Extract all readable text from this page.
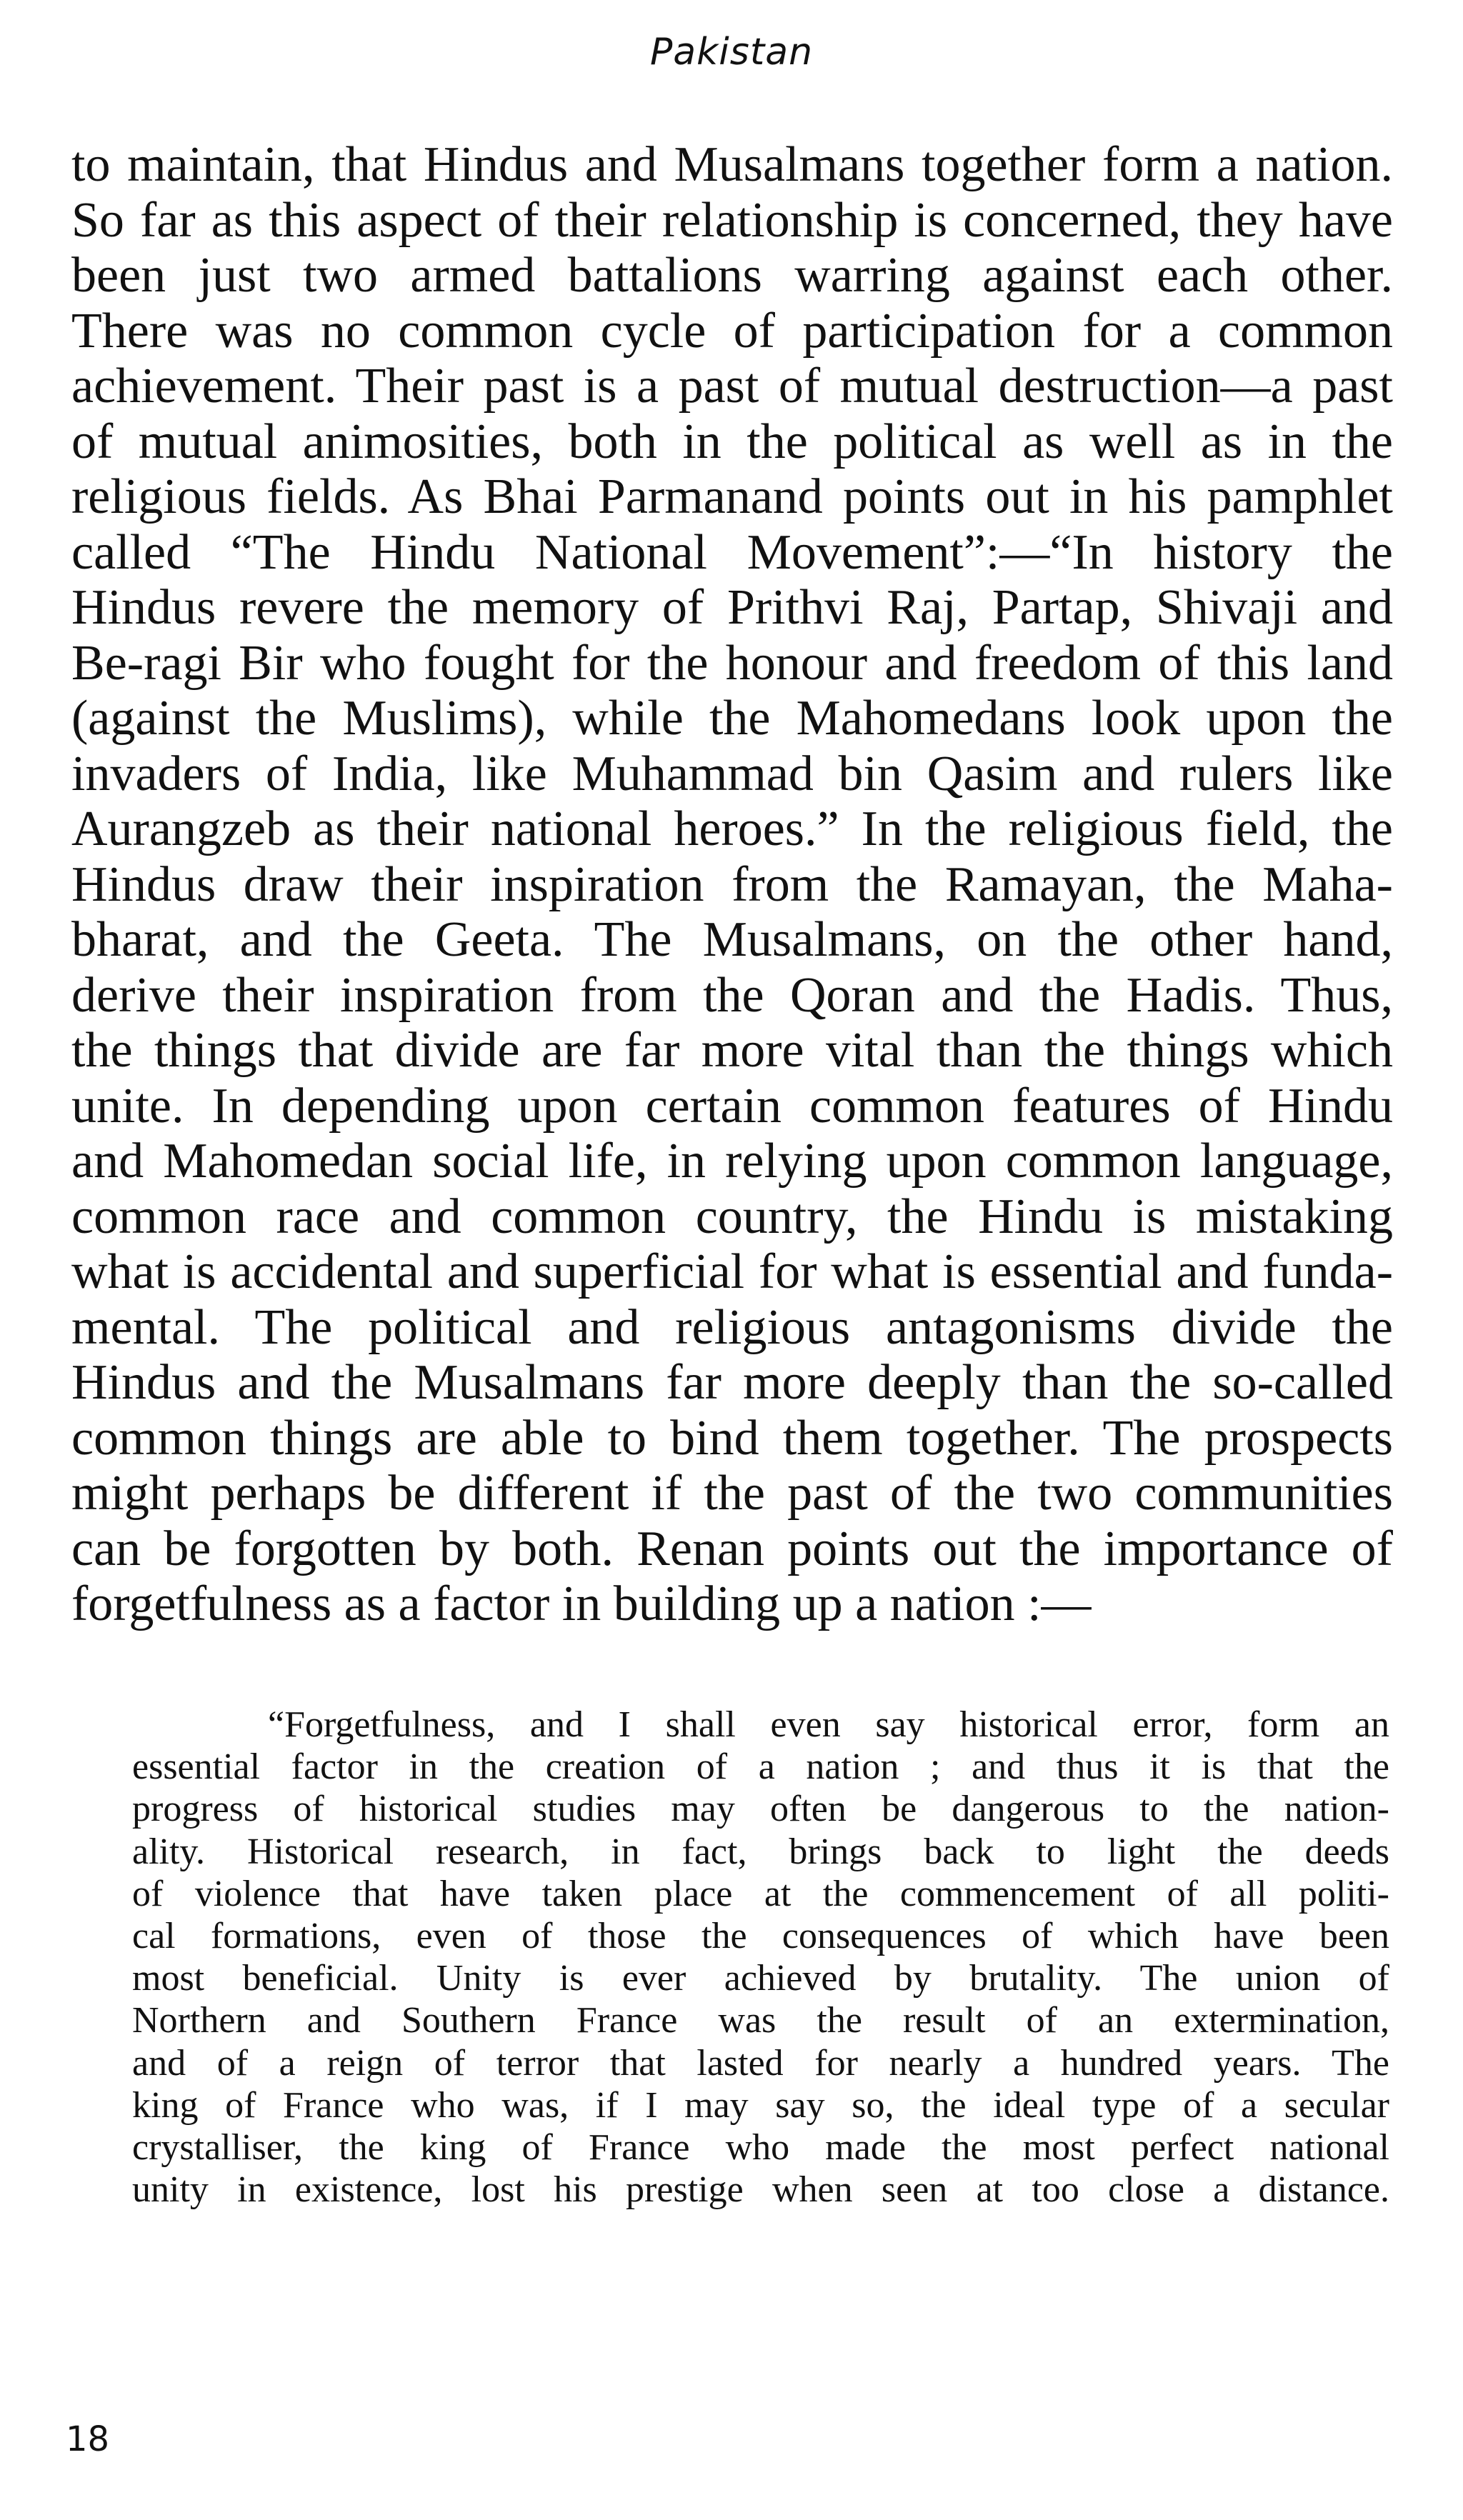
Pakistan
to maintain, that Hindus and Musalmans together form a nation.
So far as this aspect of their relationship is concerned, they have
been just two armed battalions warring against each other.
There was no common cycle of participation for a common
achievement. Their past is a past of mutual destruction—a past
of mutual animosities, both in the political as well as in the
religious fields. As Bhai Parmanand points out in his pamphlet
called “The Hindu National Movement”:—“In history the
Hindus revere the memory of Prithvi Raj, Partap, Shivaji and
Be-ragi Bir who fought for the honour and freedom of this land
(against the Muslims), while the Mahomedans look upon the
invaders of India, like Muhammad bin Qasim and rulers like
Aurangzeb as their national heroes.” In the religious field, the
Hindus draw their inspiration from the Ramayan, the Maha-
bharat, and the Geeta. The Musalmans, on the other hand,
derive their inspiration from the Qoran and the Hadis. Thus,
the things that divide are far more vital than the things which
unite. In depending upon certain common features of Hindu
and Mahomedan social life, in relying upon common language,
common race and common country, the Hindu is mistaking
what is accidental and superficial for what is essential and funda-
mental. The political and religious antagonisms divide the
Hindus and the Musalmans far more deeply than the so-called
common things are able to bind them together. The prospects
might perhaps be different if the past of the two communities
can be forgotten by both. Renan points out the importance of
forgetfulness as a factor in building up a nation :—
“Forgetfulness, and I shall even say historical error, form an
essential factor in the creation of a nation ; and thus it is that the
progress of historical studies may often be dangerous to the nation-
ality. Historical research, in fact, brings back to light the deeds
of violence that have taken place at the commencement of all politi-
cal formations, even of those the consequences of which have been
most beneficial. Unity is ever achieved by brutality. The union of
Northern and Southern France was the result of an extermination,
and of a reign of terror that lasted for nearly a hundred years. The
king of France who was, if I may say so, the ideal type of a secular
crystalliser, the king of France who made the most perfect national
unity in existence, lost his prestige when seen at too close a distance.
18
